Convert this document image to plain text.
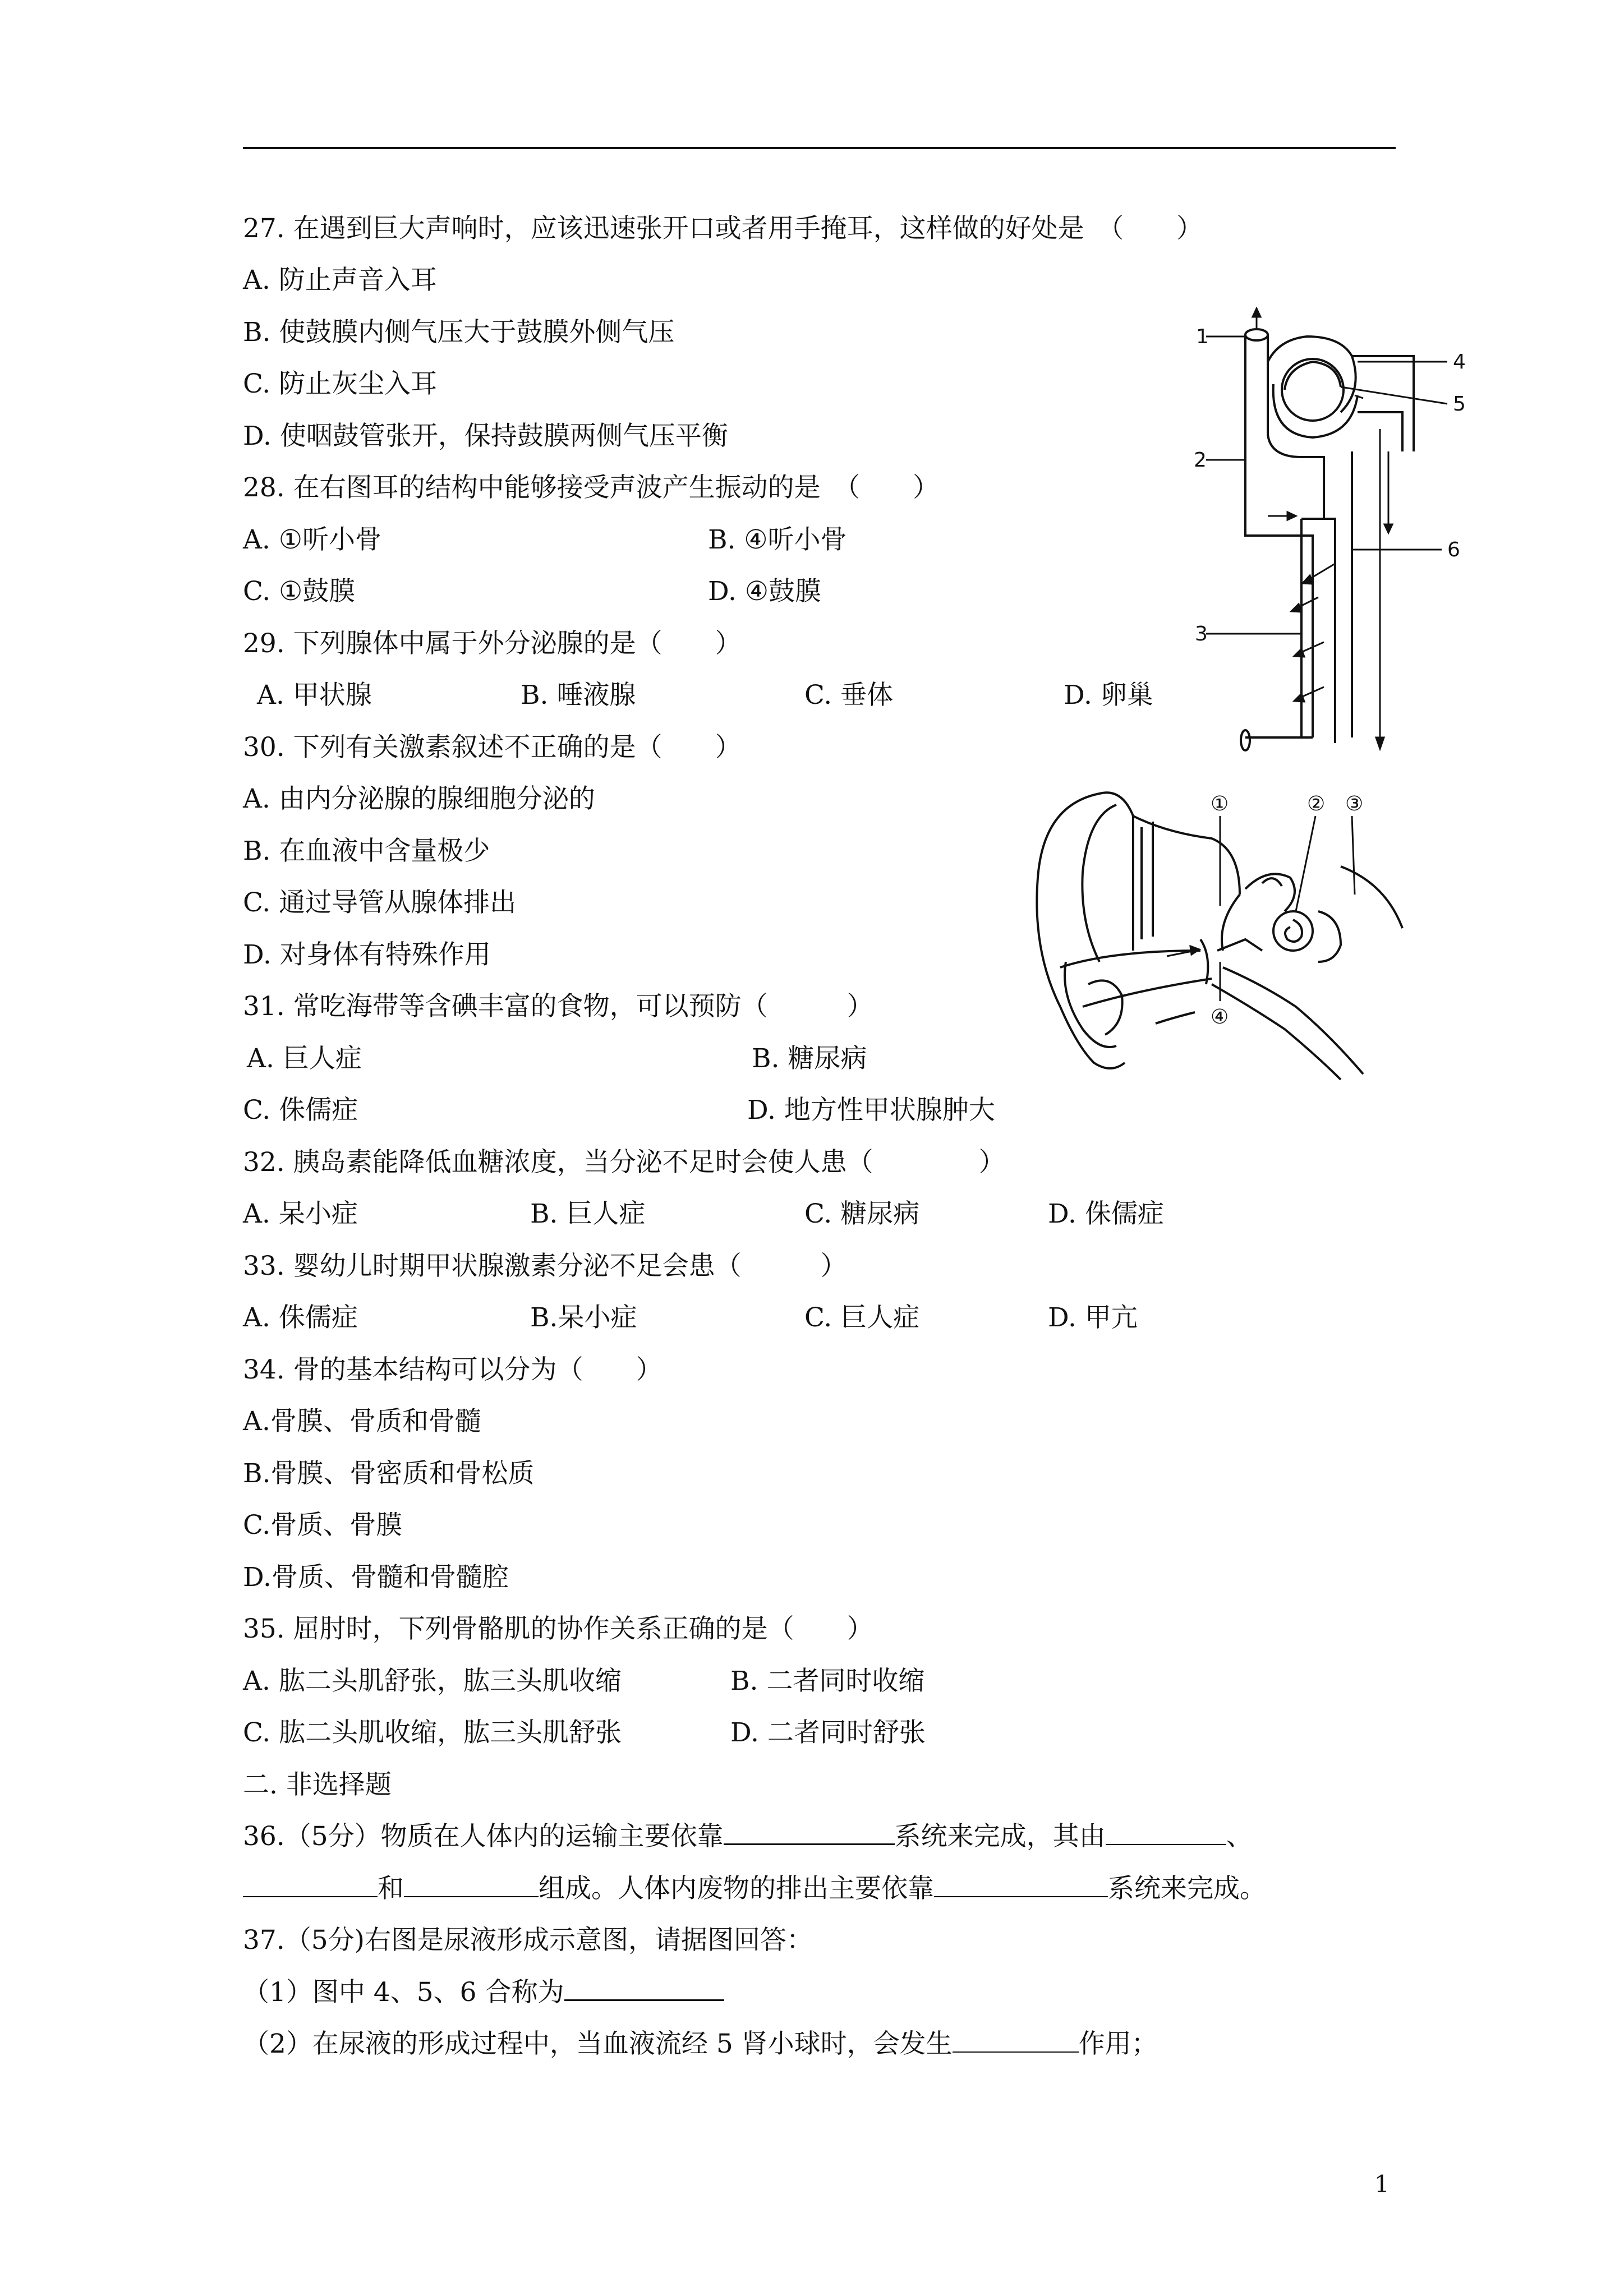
27. 在遇到巨大声响时，应该迅速张开口或者用手掩耳，这样做的好处是　（　　）
A. 防止声音入耳
B. 使鼓膜内侧气压大于鼓膜外侧气压
C. 防止灰尘入耳
D. 使咽鼓管张开，保持鼓膜两侧气压平衡
28. 在右图耳的结构中能够接受声波产生振动的是　（　　）
A. ①听小骨	B. ④听小骨
C. ①鼓膜	D. ④鼓膜
29. 下列腺体中属于外分泌腺的是（　　）
A. 甲状腺	B. 唾液腺	C. 垂体	D. 卵巢
30. 下列有关激素叙述不正确的是（　　）
A. 由内分泌腺的腺细胞分泌的
B. 在血液中含量极少
C. 通过导管从腺体排出
D. 对身体有特殊作用
31. 常吃海带等含碘丰富的食物，可以预防（　　　）
A. 巨人症	B. 糖尿病
C. 侏儒症	D. 地方性甲状腺肿大
32. 胰岛素能降低血糖浓度，当分泌不足时会使人患（　　　　）
A. 呆小症	B. 巨人症	C. 糖尿病	D. 侏儒症
33. 婴幼儿时期甲状腺激素分泌不足会患（　　　）
A. 侏儒症	B.呆小症	C. 巨人症	D. 甲亢
34. 骨的基本结构可以分为（　　）
A.骨膜、骨质和骨髓
B.骨膜、骨密质和骨松质
C.骨质、骨膜
D.骨质、骨髓和骨髓腔
35. 屈肘时，下列骨骼肌的协作关系正确的是（　　）
A. 肱二头肌舒张，肱三头肌收缩	B. 二者同时收缩
C. 肱二头肌收缩，肱三头肌舒张	D. 二者同时舒张
二. 非选择题
36.（5分）物质在人体内的运输主要依靠	系统来完成，其由	、
和	组成。人体内废物的排出主要依靠	系统来完成。
37.（5分)右图是尿液形成示意图，请据图回答：
（1）图中 4、5、6 合称为
（2）在尿液的形成过程中，当血液流经 5 肾小球时，会发生	作用；
1
2
3
4
5
6
①	② ③
④
1
